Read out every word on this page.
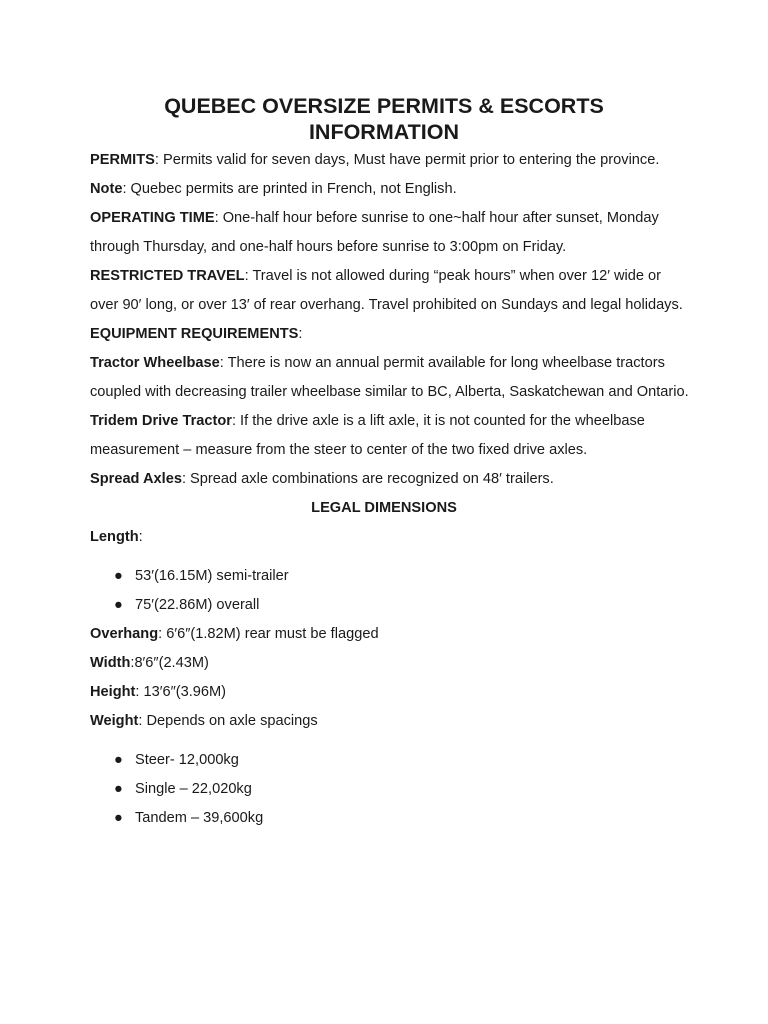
QUEBEC OVERSIZE PERMITS & ESCORTS
INFORMATION

PERMITS: Permits valid for seven days, Must have permit prior to entering the province.

Note: Quebec permits are printed in French, not English.

OPERATING TIME: One-half hour before sunrise to one~half hour after sunset, Monday through Thursday, and one-half hours before sunrise to 3:00pm on Friday.

RESTRICTED TRAVEL: Travel is not allowed during “peak hours” when over 12′ wide or over 90′ long, or over 13′ of rear overhang. Travel prohibited on Sundays and legal holidays.

EQUIPMENT REQUIREMENTS:

Tractor Wheelbase: There is now an annual permit available for long wheelbase tractors coupled with decreasing trailer wheelbase similar to BC, Alberta, Saskatchewan and Ontario.

Tridem Drive Tractor: If the drive axle is a lift axle, it is not counted for the wheelbase measurement – measure from the steer to center of the two fixed drive axles.

Spread Axles: Spread axle combinations are recognized on 48′ trailers.

LEGAL DIMENSIONS

Length:

● 53′(16.15M) semi-trailer
● 75′(22.86M) overall

Overhang: 6′6″(1.82M) rear must be flagged

Width:8′6″(2.43M)

Height: 13′6″(3.96M)

Weight: Depends on axle spacings

● Steer- 12,000kg
● Single – 22,020kg
● Tandem – 39,600kg
